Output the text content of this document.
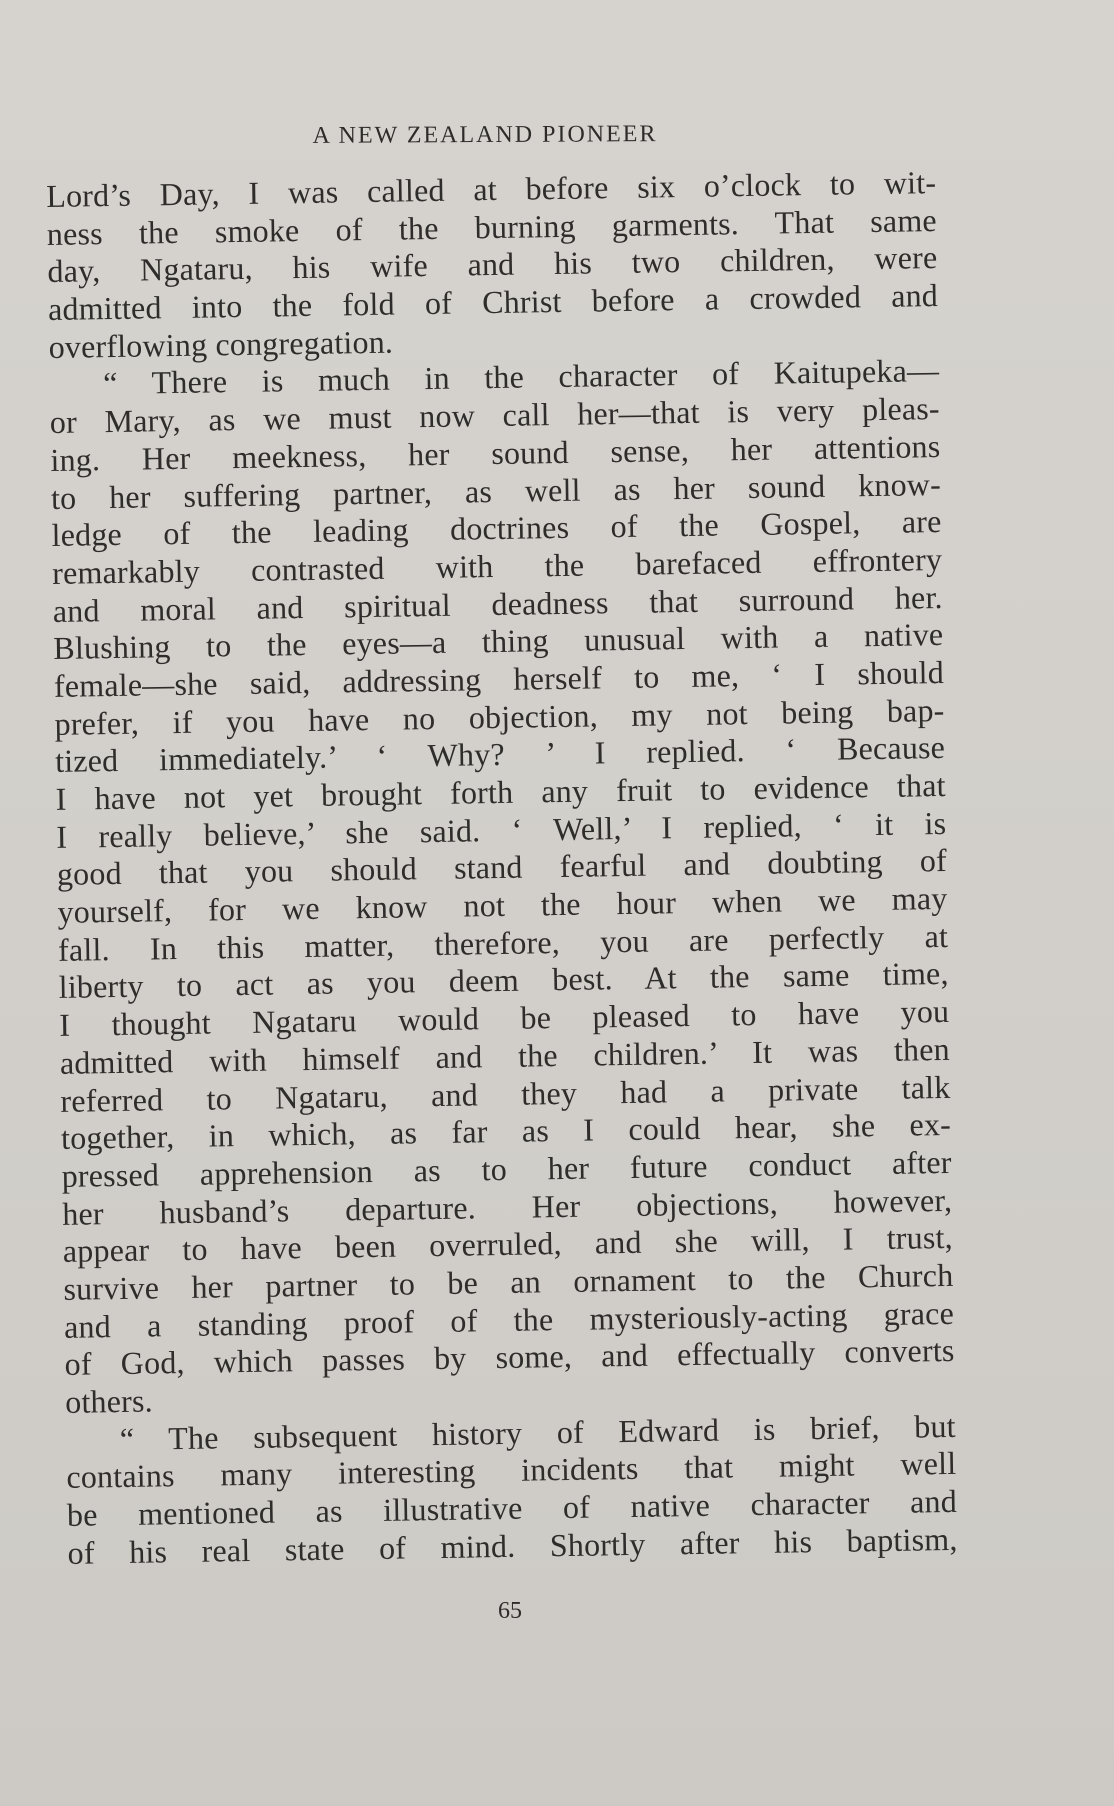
A NEW ZEALAND PIONEER
Lord’s Day, I was called at before six o’clock to wit-
ness the smoke of the burning garments. That same
day, Ngataru, his wife and his two children, were
admitted into the fold of Christ before a crowded and
overflowing congregation.
“ There is much in the character of Kaitupeka—
or Mary, as we must now call her—that is very pleas-
ing. Her meekness, her sound sense, her attentions
to her suffering partner, as well as her sound know-
ledge of the leading doctrines of the Gospel, are
remarkably contrasted with the barefaced effrontery
and moral and spiritual deadness that surround her.
Blushing to the eyes—a thing unusual with a native
female—she said, addressing herself to me, ‘ I should
prefer, if you have no objection, my not being bap-
tized immediately.’ ‘ Why? ’ I replied. ‘ Because
I have not yet brought forth any fruit to evidence that
I really believe,’ she said. ‘ Well,’ I replied, ‘ it is
good that you should stand fearful and doubting of
yourself, for we know not the hour when we may
fall. In this matter, therefore, you are perfectly at
liberty to act as you deem best. At the same time,
I thought Ngataru would be pleased to have you
admitted with himself and the children.’ It was then
referred to Ngataru, and they had a private talk
together, in which, as far as I could hear, she ex-
pressed apprehension as to her future conduct after
her husband’s departure. Her objections, however,
appear to have been overruled, and she will, I trust,
survive her partner to be an ornament to the Church
and a standing proof of the mysteriously-acting grace
of God, which passes by some, and effectually converts
others.
“ The subsequent history of Edward is brief, but
contains many interesting incidents that might well
be mentioned as illustrative of native character and
of his real state of mind. Shortly after his baptism,
65
